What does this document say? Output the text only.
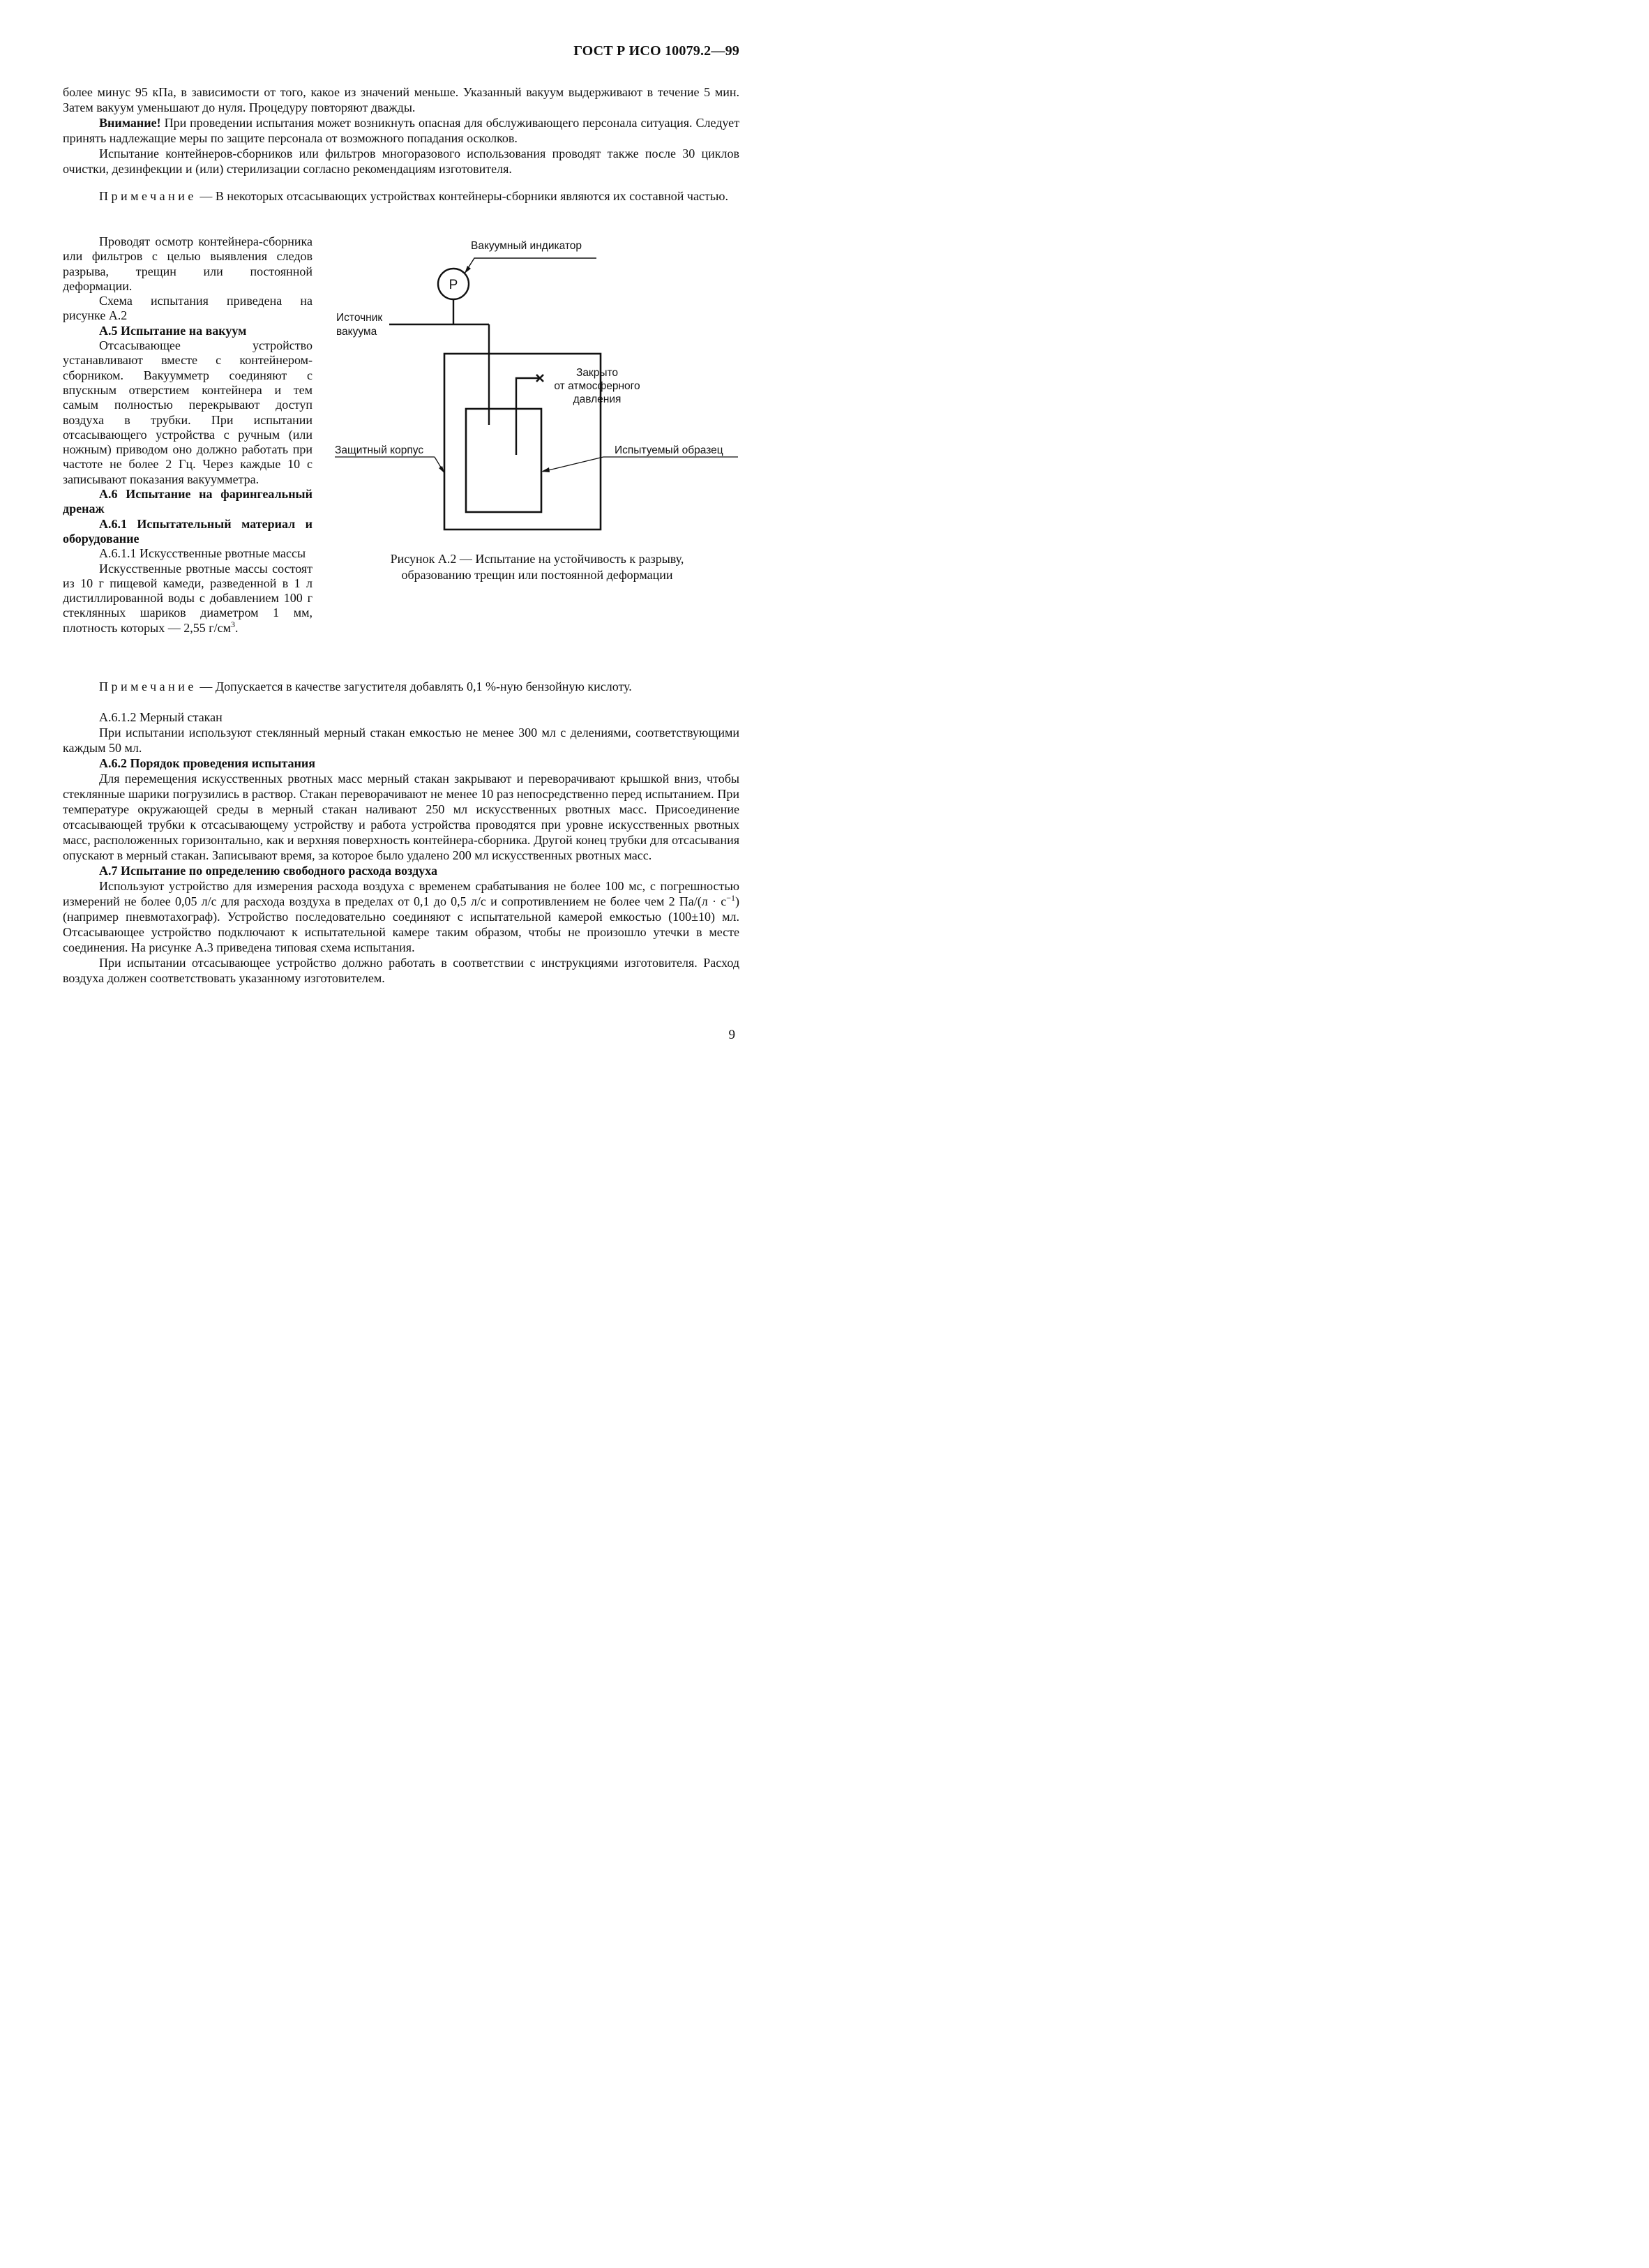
ГОСТ Р ИСО 10079.2—99

более минус 95 кПа, в зависимости от того, какое из значений меньше. Указанный вакуум выдерживают в течение 5 мин. Затем вакуум уменьшают до нуля. Процедуру повторяют дважды.

Внимание! При проведении испытания может возникнуть опасная для обслуживающего персонала ситуация. Следует принять надлежащие меры по защите персонала от возможного попадания осколков.

Испытание контейнеров-сборников или фильтров многоразового использования проводят также после 30 циклов очистки, дезинфекции и (или) стерилизации согласно рекомендациям изготовителя.

Примечание — В некоторых отсасывающих устройствах контейнеры-сборники являются их составной частью.

Проводят осмотр контейнера-сборника или фильтров с целью выявления следов разрыва, трещин или постоянной деформации.

Схема испытания приведена на рисунке А.2

А.5 Испытание на вакуум

Отсасывающее устройство устанавливают вместе с контейнером-сборником. Вакуумметр соединяют с впускным отверстием контейнера и тем самым полностью перекрывают доступ воздуха в трубки. При испытании отсасывающего устройства с ручным (или ножным) приводом оно должно работать при частоте не более 2 Гц. Через каждые 10 с записывают показания вакуумметра.

А.6 Испытание на фарингеальный дренаж

А.6.1 Испытательный материал и оборудование

А.6.1.1 Искусственные рвотные массы

Искусственные рвотные массы состоят из 10 г пищевой камеди, разведенной в 1 л дистиллированной воды с добавлением 100 г стеклянных шариков диаметром 1 мм, плотность которых — 2,55 $г/см^3$.

P
Вакуумный индикатор
Источник
вакуума
Закрыто
от атмосферного
давления
Защитный корпус	Испытуемый образец
Рисунок А.2 — Испытание на устойчивость к разрыву,
образованию трещин или постоянной деформации

Примечание — Допускается в качестве загустителя добавлять 0,1 %-ную бензойную кислоту.

А.6.1.2 Мерный стакан

При испытании используют стеклянный мерный стакан емкостью не менее 300 мл с делениями, соответствующими каждым 50 мл.

А.6.2 Порядок проведения испытания

Для перемещения искусственных рвотных масс мерный стакан закрывают и переворачивают крышкой вниз, чтобы стеклянные шарики погрузились в раствор. Стакан переворачивают не менее 10 раз непосредственно перед испытанием. При температуре окружающей среды в мерный стакан наливают 250 мл искусственных рвотных масс. Присоединение отсасывающей трубки к отсасывающему устройству и работа устройства проводятся при уровне искусственных рвотных масс, расположенных горизонтально, как и верхняя поверхность контейнера-сборника. Другой конец трубки для отсасывания опускают в мерный стакан. Записывают время, за которое было удалено 200 мл искусственных рвотных масс.

А.7 Испытание по определению свободного расхода воздуха

Используют устройство для измерения расхода воздуха с временем срабатывания не более 100 мс, с погрешностью измерений не более 0,05 л/с для расхода воздуха в пределах от 0,1 до 0,5 л/с и сопротивлением не более чем 2 $Па/(л \cdot с^{-1})$ (например пневмотахограф). Устройство последовательно соединяют с испытательной камерой емкостью (100±10) мл. Отсасывающее устройство подключают к испытательной камере таким образом, чтобы не произошло утечки в месте соединения. На рисунке А.3 приведена типовая схема испытания.

При испытании отсасывающее устройство должно работать в соответствии с инструкциями изготовителя. Расход воздуха должен соответствовать указанному изготовителем.

9
